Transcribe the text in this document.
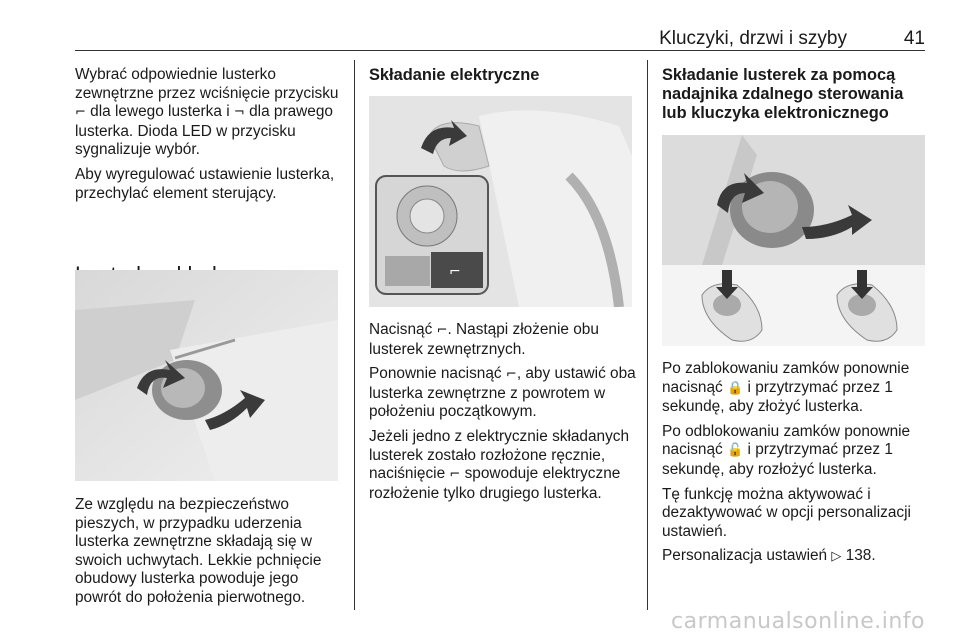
Kluczyki, drzwi i szyby	41

Wybrać odpowiednie lusterko zewnętrzne przez wciśnięcie przycisku ⌐ dla lewego lusterka i ¬ dla prawego lusterka. Dioda LED w przycisku sygnalizuje wybór.

Aby wyregulować ustawienie lusterka, przechylać element sterujący.

Ze względu na bezpieczeństwo pieszych, w przypadku uderzenia lusterka zewnętrzne składają się w swoich uchwytach. Lekkie pchnięcie obudowy lusterka powoduje jego powrót do położenia pierwotnego.

Składanie elektryczne
⌐

Nacisnąć ⌐. Nastąpi złożenie obu lusterek zewnętrznych.

Ponownie nacisnąć ⌐, aby ustawić oba lusterka zewnętrzne z powrotem w położeniu początkowym.

Jeżeli jedno z elektrycznie składanych lusterek zostało rozłożone ręcznie, naciśnięcie ⌐ spowoduje elektryczne rozłożenie tylko drugiego lusterka.

Składanie lusterek za pomocą nadajnika zdalnego sterowania lub kluczyka elektronicznego

Po zablokowaniu zamków ponownie nacisnąć 🔒 i przytrzymać przez 1 sekundę, aby złożyć lusterka.

Po odblokowaniu zamków ponownie nacisnąć 🔓 i przytrzymać przez 1 sekundę, aby rozłożyć lusterka.

Tę funkcję można aktywować i dezaktywować w opcji personalizacji ustawień.

Personalizacja ustawień ▷ 138.

carmanualsonline.info
